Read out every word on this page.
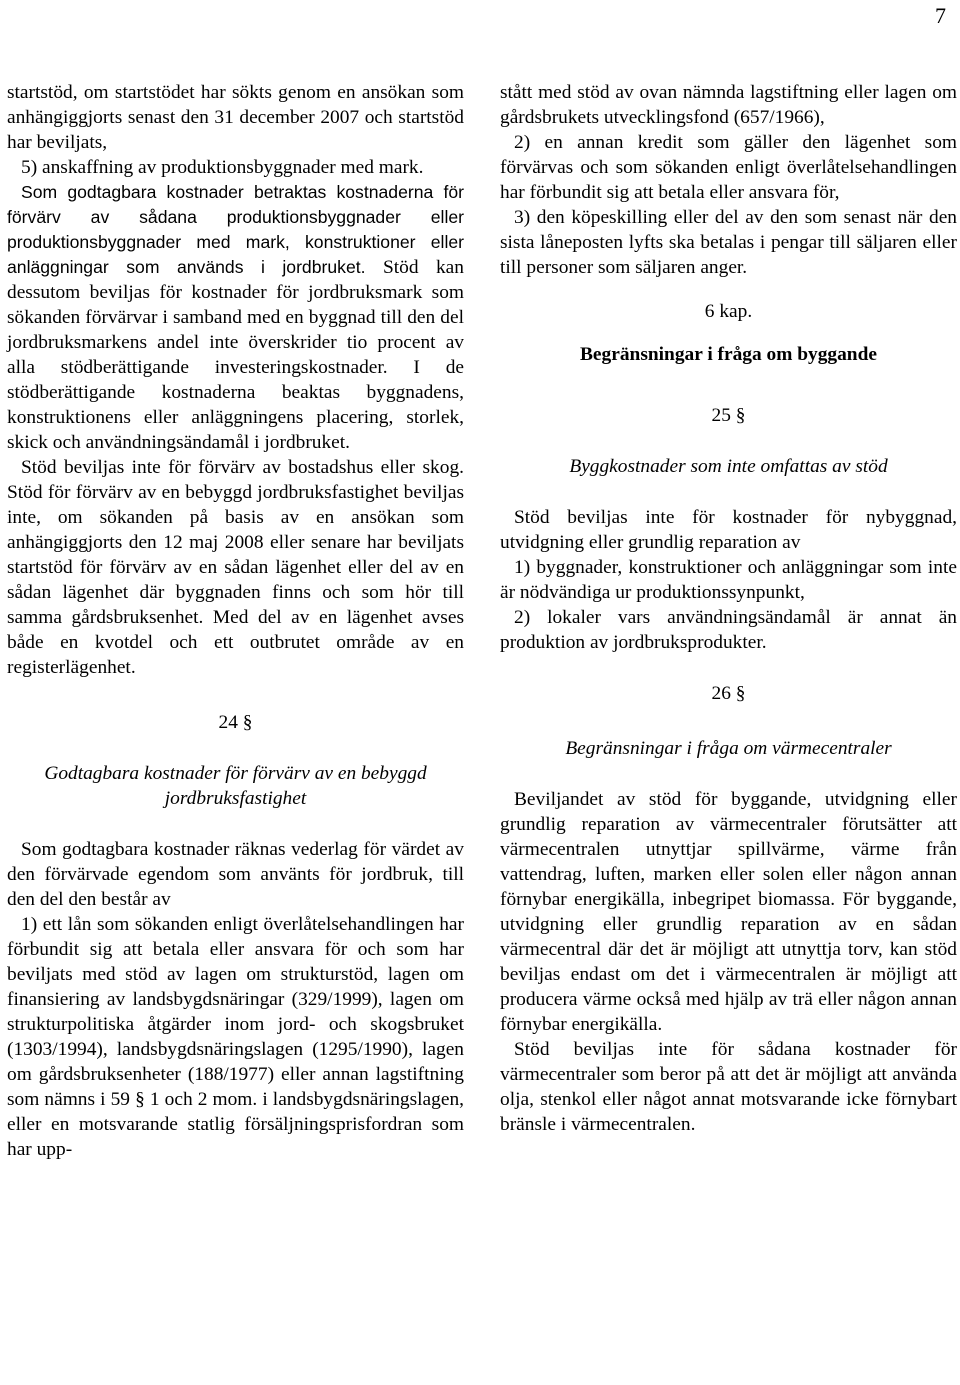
7

startstöd, om startstödet har sökts genom en ansökan som anhängiggjorts senast den 31 december 2007 och startstöd har beviljats,

5) anskaffning av produktionsbyggnader med mark.

Som godtagbara kostnader betraktas kostnaderna för förvärv av sådana produktionsbyggnader eller produktionsbyggnader med mark, konstruktioner eller anläggningar som används i jordbruket. Stöd kan dessutom beviljas för kostnader för jordbruksmark som sökanden förvärvar i samband med en byggnad till den del jordbruksmarkens andel inte överskrider tio procent av alla stödberättigande investeringskostnader. I de stödberättigande kostnaderna beaktas byggnadens, konstruktionens eller anläggningens placering, storlek, skick och användningsändamål i jordbruket.

Stöd beviljas inte för förvärv av bostadshus eller skog. Stöd för förvärv av en bebyggd jordbruksfastighet beviljas inte, om sökanden på basis av en ansökan som anhängiggjorts den 12 maj 2008 eller senare har beviljats startstöd för förvärv av en sådan lägenhet eller del av en sådan lägenhet där byggnaden finns och som hör till samma gårdsbruksenhet. Med del av en lägenhet avses både en kvotdel och ett outbrutet område av en registerlägenhet.

24 §

Godtagbara kostnader för förvärv av en bebyggd jordbruksfastighet

Som godtagbara kostnader räknas vederlag för värdet av den förvärvade egendom som använts för jordbruk, till den del den består av

1) ett lån som sökanden enligt överlåtelsehandlingen har förbundit sig att betala eller ansvara för och som har beviljats med stöd av lagen om strukturstöd, lagen om finansiering av landsbygdsnäringar (329/1999), lagen om strukturpolitiska åtgärder inom jord- och skogsbruket (1303/1994), landsbygdsnäringslagen (1295/1990), lagen om gårdsbruksenheter (188/1977) eller annan lagstiftning som nämns i 59 § 1 och 2 mom. i landsbygdsnäringslagen, eller en motsvarande statlig försäljningsprisfordran som har upp-

stått med stöd av ovan nämnda lagstiftning eller lagen om gårdsbrukets utvecklingsfond (657/1966),

2) en annan kredit som gäller den lägenhet som förvärvas och som sökanden enligt överlåtelsehandlingen har förbundit sig att betala eller ansvara för,

3) den köpeskilling eller del av den som senast när den sista låneposten lyfts ska betalas i pengar till säljaren eller till personer som säljaren anger.

6 kap.

Begränsningar i fråga om byggande

25 §

Byggkostnader som inte omfattas av stöd

Stöd beviljas inte för kostnader för nybyggnad, utvidgning eller grundlig reparation av

1) byggnader, konstruktioner och anläggningar som inte är nödvändiga ur produktionssynpunkt,

2) lokaler vars användningsändamål är annat än produktion av jordbruksprodukter.

26 §

Begränsningar i fråga om värmecentraler

Beviljandet av stöd för byggande, utvidgning eller grundlig reparation av värmecentraler förutsätter att värmecentralen utnyttjar spillvärme, värme från vattendrag, luften, marken eller solen eller någon annan förnybar energikälla, inbegripet biomassa. För byggande, utvidgning eller grundlig reparation av en sådan värmecentral där det är möjligt att utnyttja torv, kan stöd beviljas endast om det i värmecentralen är möjligt att producera värme också med hjälp av trä eller någon annan förnybar energikälla.

Stöd beviljas inte för sådana kostnader för värmecentraler som beror på att det är möjligt att använda olja, stenkol eller något annat motsvarande icke förnybart bränsle i värmecentralen.
